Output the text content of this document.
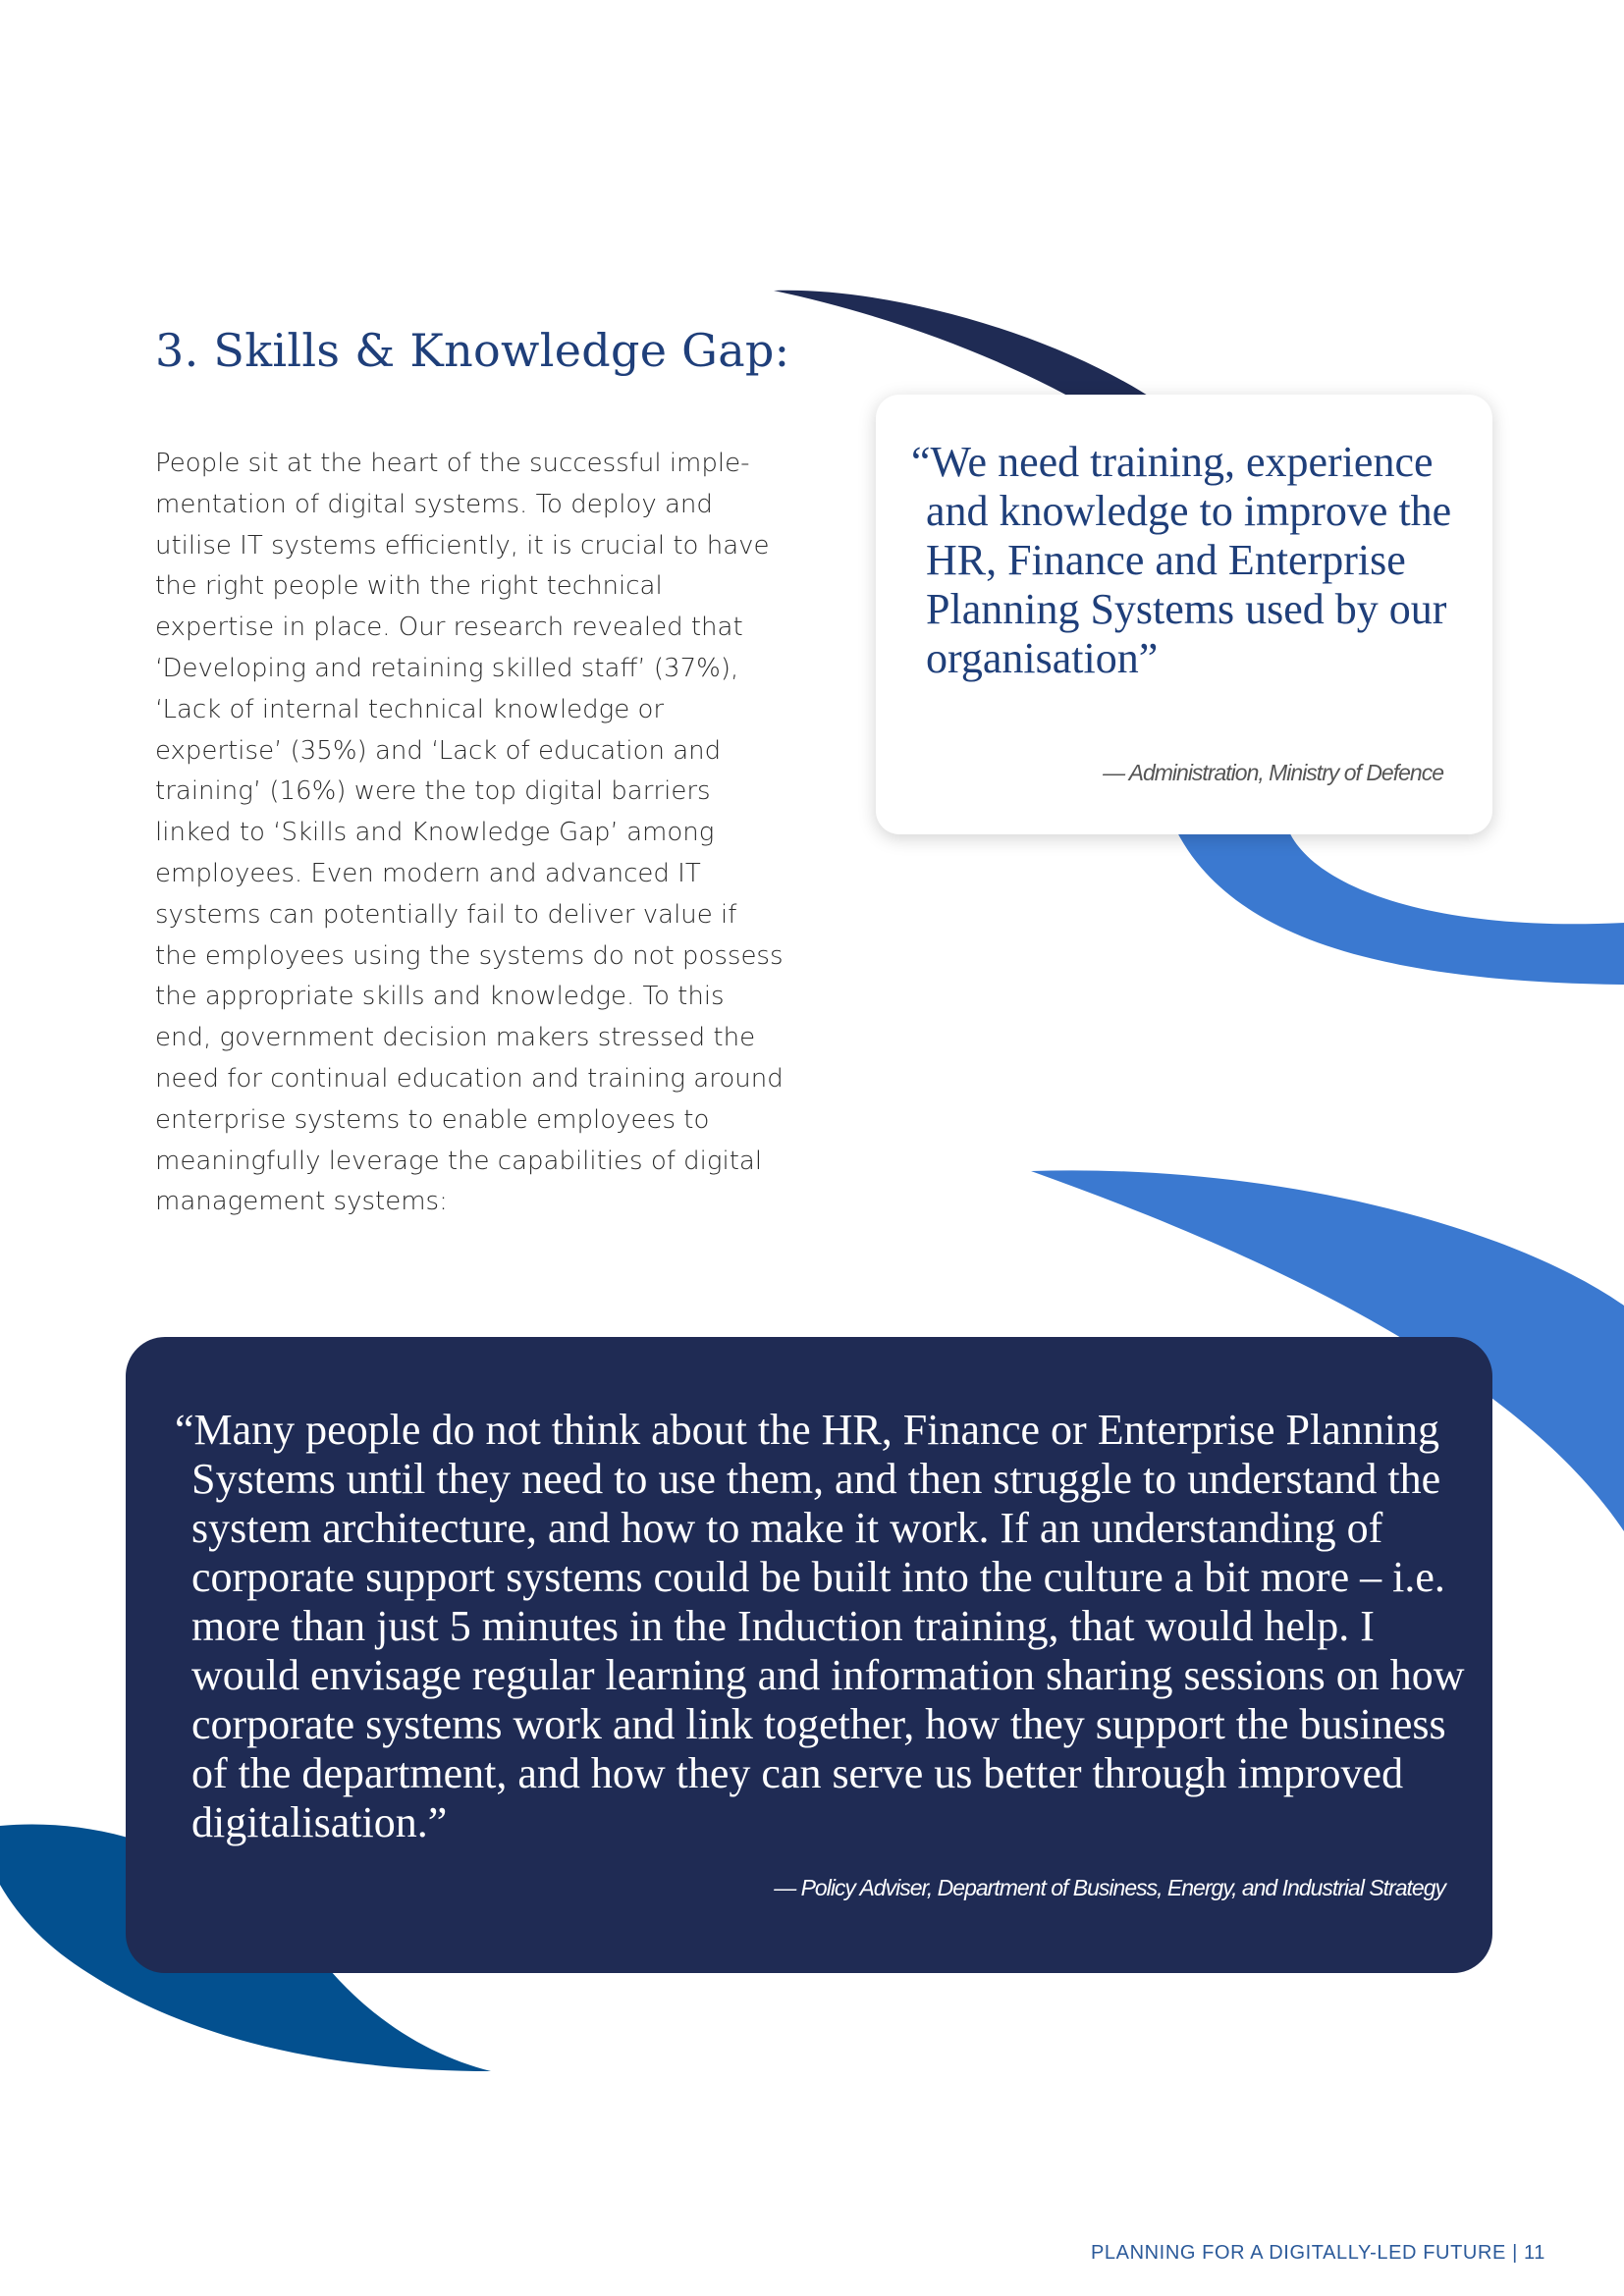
3. Skills & Knowledge Gap:

People sit at the heart of the successful imple-mentation of digital systems. To deploy and utilise IT systems efficiently, it is crucial to have the right people with the right technical expertise in place. Our research revealed that ‘Developing and retaining skilled staff’ (37%), ‘Lack of internal technical knowledge or expertise’ (35%) and ‘Lack of education and training’ (16%) were the top digital barriers linked to ‘Skills and Knowledge Gap’ among employees. Even modern and advanced IT systems can potentially fail to deliver value if the employees using the systems do not possess the appropriate skills and knowledge. To this end, government decision makers stressed the need for continual education and training around enterprise systems to enable employees to meaningfully leverage the capabilities of digital management systems:

“We need training, experience and knowledge to improve the HR, Finance and Enterprise Planning Systems used by our organisation”

— Administration, Ministry of Defence

“Many people do not think about the HR, Finance or Enterprise Planning Systems until they need to use them, and then struggle to understand the system architecture, and how to make it work. If an understanding of corporate support systems could be built into the culture a bit more – i.e. more than just 5 minutes in the Induction training, that would help. I would envisage regular learning and information sharing sessions on how corporate systems work and link together, how they support the business of the department, and how they can serve us better through improved digitalisation.”

— Policy Adviser, Department of Business, Energy, and Industrial Strategy

PLANNING FOR A DIGITALLY-LED FUTURE | 11
